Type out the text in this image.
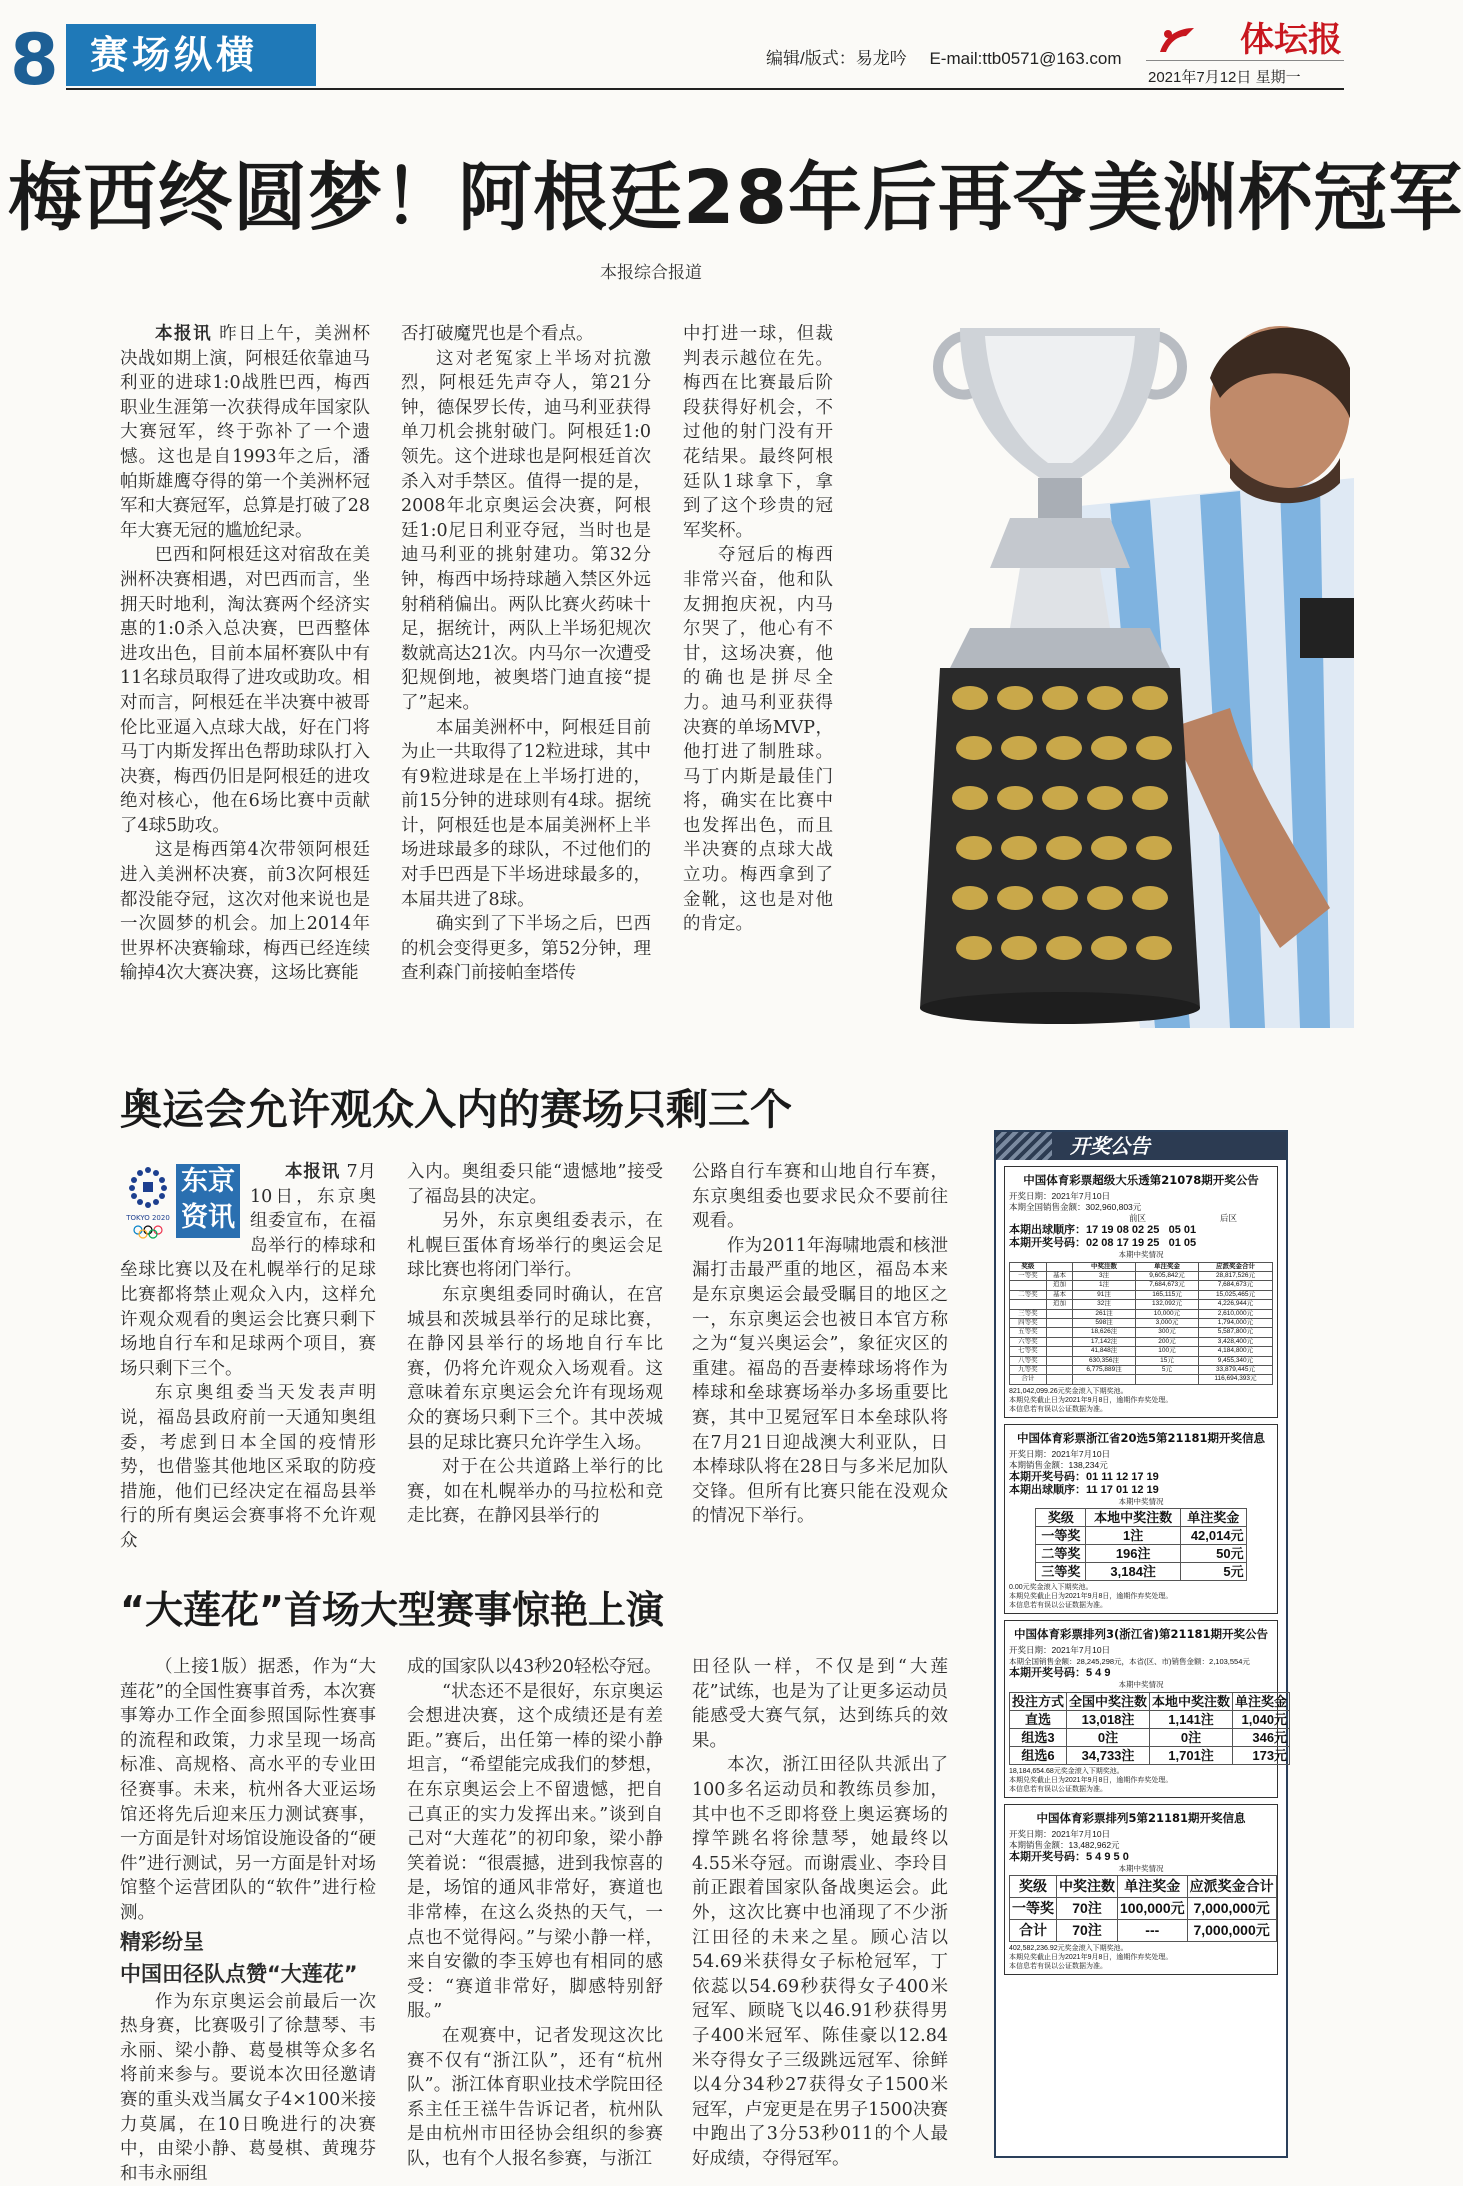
8 赛场纵横	编辑/版式：易龙吟 E-mail:ttb0571@163.com	体坛报
2021年7月12日 星期一
梅西终圆梦！阿根廷28年后再夺美洲杯冠军
本报综合报道

本报讯 昨日上午，美洲杯决战如期上演，阿根廷依靠迪马利亚的进球1:0战胜巴西，梅西职业生涯第一次获得成年国家队大赛冠军，终于弥补了一个遗憾。这也是自1993年之后，潘帕斯雄鹰夺得的第一个美洲杯冠军和大赛冠军，总算是打破了28年大赛无冠的尴尬纪录。

巴西和阿根廷这对宿敌在美洲杯决赛相遇，对巴西而言，坐拥天时地利，淘汰赛两个经济实惠的1:0杀入总决赛，巴西整体进攻出色，目前本届杯赛队中有11名球员取得了进攻或助攻。相对而言，阿根廷在半决赛中被哥伦比亚逼入点球大战，好在门将马丁内斯发挥出色帮助球队打入决赛，梅西仍旧是阿根廷的进攻绝对核心，他在6场比赛中贡献了4球5助攻。

这是梅西第4次带领阿根廷进入美洲杯决赛，前3次阿根廷都没能夺冠，这次对他来说也是一次圆梦的机会。加上2014年世界杯决赛输球，梅西已经连续输掉4次大赛决赛，这场比赛能

否打破魔咒也是个看点。

这对老冤家上半场对抗激烈，阿根廷先声夺人，第21分钟，德保罗长传，迪马利亚获得单刀机会挑射破门。阿根廷1:0领先。这个进球也是阿根廷首次杀入对手禁区。值得一提的是，2008年北京奥运会决赛，阿根廷1:0尼日利亚夺冠，当时也是迪马利亚的挑射建功。第32分钟，梅西中场持球趟入禁区外远射稍稍偏出。两队比赛火药味十足，据统计，两队上半场犯规次数就高达21次。内马尔一次遭受犯规倒地，被奥塔门迪直接“提了”起来。

本届美洲杯中，阿根廷目前为止一共取得了12粒进球，其中有9粒进球是在上半场打进的，前15分钟的进球则有4球。据统计，阿根廷也是本届美洲杯上半场进球最多的球队，不过他们的对手巴西是下半场进球最多的，本届共进了8球。

确实到了下半场之后，巴西的机会变得更多，第52分钟，理查利森门前接帕奎塔传

中打进一球，但裁判表示越位在先。梅西在比赛最后阶段获得好机会，不过他的射门没有开花结果。最终阿根廷队1球拿下，拿到了这个珍贵的冠军奖杯。

夺冠后的梅西非常兴奋，他和队友拥抱庆祝，内马尔哭了，他心有不甘，这场决赛，他的确也是拼尽全力。迪马利亚获得决赛的单场MVP，他打进了制胜球。马丁内斯是最佳门将，确实在比赛中也发挥出色，而且半决赛的点球大战立功。梅西拿到了金靴，这也是对他的肯定。

奥运会允许观众入内的赛场只剩三个

本报讯 7月10日，东京奥组委宣布，在福岛举行的棒球和垒球比赛以及在札幌举行的足球比赛都将禁止观众入内，这样允许观众观看的奥运会比赛只剩下场地自行车和足球两个项目，赛场只剩下三个。

东京奥组委当天发表声明说，福岛县政府前一天通知奥组委，考虑到日本全国的疫情形势，也借鉴其他地区采取的防疫措施，他们已经决定在福岛县举行的所有奥运会赛事将不允许观众

TOKYO 2020
东京资讯

入内。奥组委只能“遗憾地”接受了福岛县的决定。

另外，东京奥组委表示，在札幌巨蛋体育场举行的奥运会足球比赛也将闭门举行。

东京奥组委同时确认，在宫城县和茨城县举行的足球比赛，在静冈县举行的场地自行车比赛，仍将允许观众入场观看。这意味着东京奥运会允许有现场观众的赛场只剩下三个。其中茨城县的足球比赛只允许学生入场。

对于在公共道路上举行的比赛，如在札幌举办的马拉松和竞走比赛，在静冈县举行的

公路自行车赛和山地自行车赛，东京奥组委也要求民众不要前往观看。

作为2011年海啸地震和核泄漏打击最严重的地区，福岛本来是东京奥运会最受瞩目的地区之一，东京奥运会也被日本官方称之为“复兴奥运会”，象征灾区的重建。福岛的吾妻棒球场将作为棒球和垒球赛场举办多场重要比赛，其中卫冕冠军日本垒球队将在7月21日迎战澳大利亚队，日本棒球队将在28日与多米尼加队交锋。但所有比赛只能在没观众的情况下举行。

“大莲花”首场大型赛事惊艳上演

（上接1版）据悉，作为“大莲花”的全国性赛事首秀，本次赛事筹办工作全面参照国际性赛事的流程和政策，力求呈现一场高标准、高规格、高水平的专业田径赛事。未来，杭州各大亚运场馆还将先后迎来压力测试赛事，一方面是针对场馆设施设备的“硬件”进行测试，另一方面是针对场馆整个运营团队的“软件”进行检测。

精彩纷呈

中国田径队点赞“大莲花”

作为东京奥运会前最后一次热身赛，比赛吸引了徐慧琴、韦永丽、梁小静、葛曼棋等众多名将前来参与。要说本次田径邀请赛的重头戏当属女子4×100米接力莫属，在10日晚进行的决赛中，由梁小静、葛曼棋、黄瑰芬和韦永丽组

成的国家队以43秒20轻松夺冠。

“状态还不是很好，东京奥运会想进决赛，这个成绩还是有差距。”赛后，出任第一棒的梁小静坦言，“希望能完成我们的梦想，在东京奥运会上不留遗憾，把自己真正的实力发挥出来。”谈到自己对“大莲花”的初印象，梁小静笑着说：“很震撼，进到我惊喜的是，场馆的通风非常好，赛道也非常棒，在这么炎热的天气，一点也不觉得闷。”与梁小静一样，来自安徽的李玉婷也有相同的感受：“赛道非常好，脚感特别舒服。”

在观赛中，记者发现这次比赛不仅有“浙江队”，还有“杭州队”。浙江体育职业技术学院田径系主任王禚牛告诉记者，杭州队是由杭州市田径协会组织的参赛队，也有个人报名参赛，与浙江

田径队一样，不仅是到“大莲花”试练，也是为了让更多运动员能感受大赛气氛，达到练兵的效果。

本次，浙江田径队共派出了100多名运动员和教练员参加，其中也不乏即将登上奥运赛场的撑竿跳名将徐慧琴，她最终以4.55米夺冠。而谢震业、李玲目前正跟着国家队备战奥运会。此外，这次比赛中也涌现了不少浙江田径的未来之星。顾心洁以54.69米获得女子标枪冠军，丁依蕊以54.69秒获得女子400米冠军、顾晓飞以46.91秒获得男子400米冠军、陈佳豪以12.84米夺得女子三级跳远冠军、徐鲜以4分34秒27获得女子1500米冠军，卢宠更是在男子1500决赛中跑出了3分53秒011的个人最好成绩，夺得冠军。

开奖公告
中国体育彩票超级大乐透第21078期开奖公告
开奖日期：2021年7月10日
本期全国销售金额：302,960,803元
前区	后区
本期出球顺序：17 19 08 02 25 05 01
本期开奖号码：02 08 17 19 25 01 05
本期中奖情况
奖级		中奖注数	单注奖金	应派奖金合计
一等奖	基本	3注	9,605,842元	28,817,526元
	追加	1注	7,684,673元	7,684,673元
二等奖	基本	91注	165,115元	15,025,465元
	追加	32注	132,092元	4,226,944元
三等奖		261注	10,000元	2,610,000元
四等奖		598注	3,000元	1,794,000元
五等奖		18,626注	300元	5,587,800元
六等奖		17,142注	200元	3,428,400元
七等奖		41,848注	100元	4,184,800元
八等奖		630,356注	15元	9,455,340元
九等奖		6,775,889注	5元	33,879,445元
合计				116,694,393元
821,042,099.26元奖金滚入下期奖池。
本期兑奖截止日为2021年9月8日，逾期作弃奖处理。
本信息若有误以公证数据为准。
中国体育彩票浙江省20选5第21181期开奖信息
开奖日期：2021年7月10日
本期销售金额：138,234元
本期开奖号码：01 11 12 17 19
本期出球顺序：11 17 01 12 19
本期中奖情况
奖级	本地中奖注数	单注奖金
一等奖	1注	42,014元
二等奖	196注	50元
三等奖	3,184注	5元
0.00元奖金滚入下期奖池。
本期兑奖截止日为2021年9月8日，逾期作弃奖处理。
本信息若有误以公证数据为准。
中国体育彩票排列3(浙江省)第21181期开奖公告
开奖日期：2021年7月10日
本期全国销售金额：28,245,298元，本省(区、市)销售金额：2,103,554元
本期开奖号码：5 4 9
本期中奖情况
投注方式	全国中奖注数	本地中奖注数	单注奖金
直选	13,018注	1,141注	1,040元
组选3	0注	0注	346元
组选6	34,733注	1,701注	173元
18,184,654.68元奖金滚入下期奖池。
本期兑奖截止日为2021年9月8日，逾期作弃奖处理。
本信息若有误以公证数据为准。
中国体育彩票排列5第21181期开奖信息
开奖日期：2021年7月10日
本期销售金额：13,482,962元
本期开奖号码：5 4 9 5 0
本期中奖情况
奖级	中奖注数	单注奖金	应派奖金合计
一等奖	70注	100,000元	7,000,000元
合计	70注	---	7,000,000元
402,582,236.92元奖金滚入下期奖池。
本期兑奖截止日为2021年9月8日，逾期作弃奖处理。
本信息若有误以公证数据为准。
